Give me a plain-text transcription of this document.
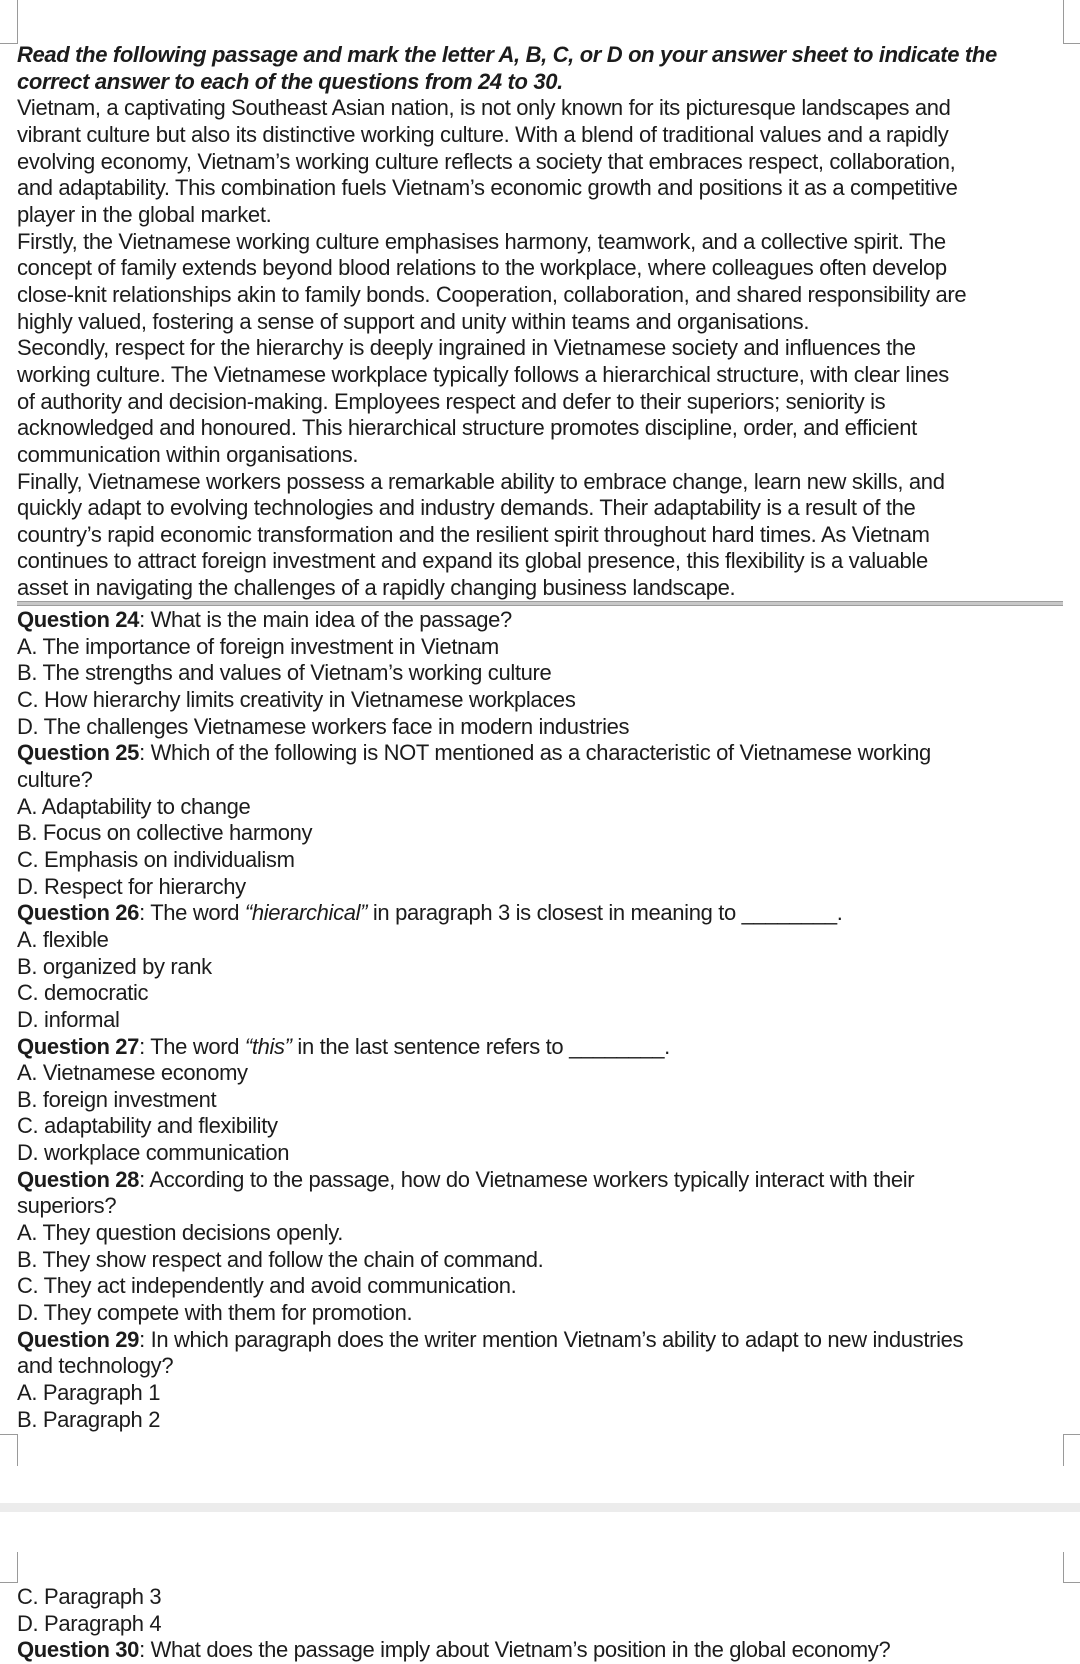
Read the following passage and mark the letter A, B, C, or D on your answer sheet to indicate the
correct answer to each of the questions from 24 to 30.
Vietnam, a captivating Southeast Asian nation, is not only known for its picturesque landscapes and
vibrant culture but also its distinctive working culture. With a blend of traditional values and a rapidly
evolving economy, Vietnam’s working culture reflects a society that embraces respect, collaboration,
and adaptability. This combination fuels Vietnam’s economic growth and positions it as a competitive
player in the global market.
Firstly, the Vietnamese working culture emphasises harmony, teamwork, and a collective spirit. The
concept of family extends beyond blood relations to the workplace, where colleagues often develop
close-knit relationships akin to family bonds. Cooperation, collaboration, and shared responsibility are
highly valued, fostering a sense of support and unity within teams and organisations.
Secondly, respect for the hierarchy is deeply ingrained in Vietnamese society and influences the
working culture. The Vietnamese workplace typically follows a hierarchical structure, with clear lines
of authority and decision-making. Employees respect and defer to their superiors; seniority is
acknowledged and honoured. This hierarchical structure promotes discipline, order, and efficient
communication within organisations.
Finally, Vietnamese workers possess a remarkable ability to embrace change, learn new skills, and
quickly adapt to evolving technologies and industry demands. Their adaptability is a result of the
country’s rapid economic transformation and the resilient spirit throughout hard times. As Vietnam
continues to attract foreign investment and expand its global presence, this flexibility is a valuable
asset in navigating the challenges of a rapidly changing business landscape.
Question 24: What is the main idea of the passage?
A. The importance of foreign investment in Vietnam
B. The strengths and values of Vietnam’s working culture
C. How hierarchy limits creativity in Vietnamese workplaces
D. The challenges Vietnamese workers face in modern industries
Question 25: Which of the following is NOT mentioned as a characteristic of Vietnamese working
culture?
A. Adaptability to change
B. Focus on collective harmony
C. Emphasis on individualism
D. Respect for hierarchy
Question 26: The word “hierarchical” in paragraph 3 is closest in meaning to ________.
A. flexible
B. organized by rank
C. democratic
D. informal
Question 27: The word “this” in the last sentence refers to ________.
A. Vietnamese economy
B. foreign investment
C. adaptability and flexibility
D. workplace communication
Question 28: According to the passage, how do Vietnamese workers typically interact with their
superiors?
A. They question decisions openly.
B. They show respect and follow the chain of command.
C. They act independently and avoid communication.
D. They compete with them for promotion.
Question 29: In which paragraph does the writer mention Vietnam’s ability to adapt to new industries
and technology?
A. Paragraph 1
B. Paragraph 2
C. Paragraph 3
D. Paragraph 4
Question 30: What does the passage imply about Vietnam’s position in the global economy?
